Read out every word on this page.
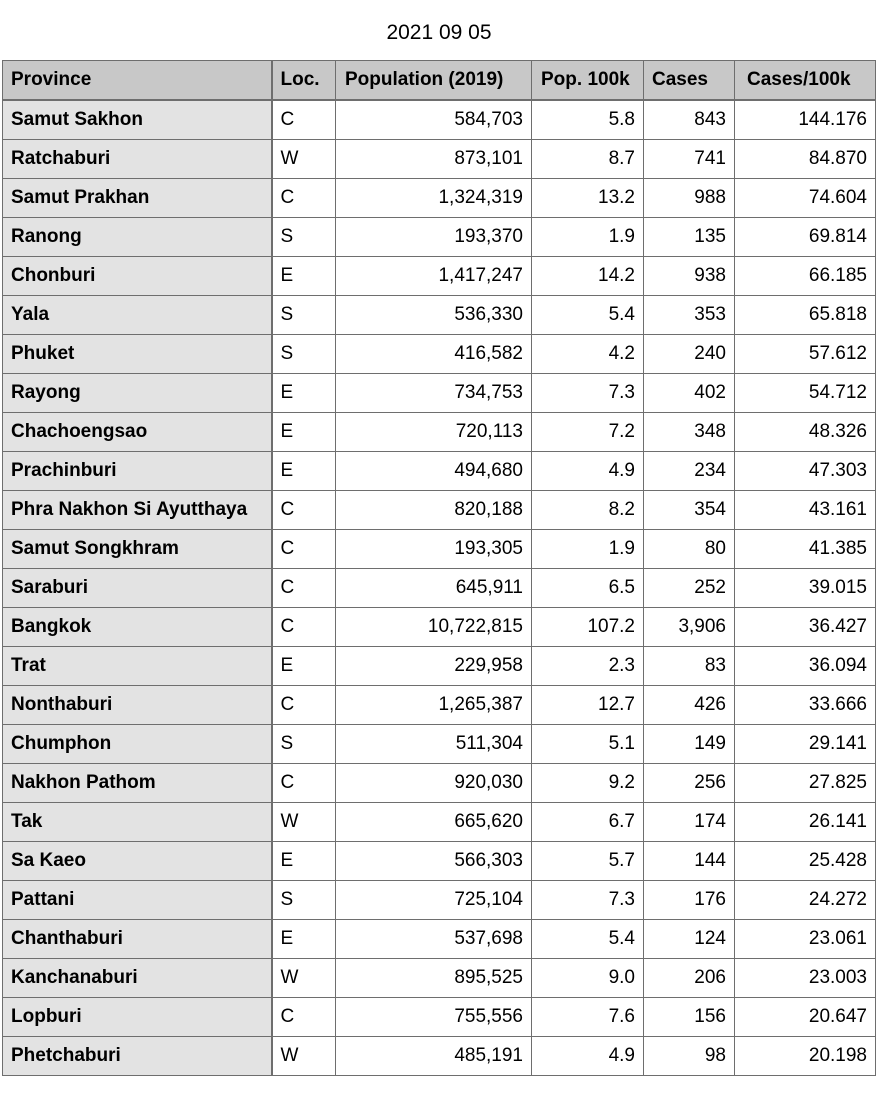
2021 09 05
Province	Loc.	Population (2019)	Pop. 100k	Cases	Cases/100k
Samut Sakhon	C	584,703	5.8	843	144.176
Ratchaburi	W	873,101	8.7	741	84.870
Samut Prakhan	C	1,324,319	13.2	988	74.604
Ranong	S	193,370	1.9	135	69.814
Chonburi	E	1,417,247	14.2	938	66.185
Yala	S	536,330	5.4	353	65.818
Phuket	S	416,582	4.2	240	57.612
Rayong	E	734,753	7.3	402	54.712
Chachoengsao	E	720,113	7.2	348	48.326
Prachinburi	E	494,680	4.9	234	47.303
Phra Nakhon Si Ayutthaya	C	820,188	8.2	354	43.161
Samut Songkhram	C	193,305	1.9	80	41.385
Saraburi	C	645,911	6.5	252	39.015
Bangkok	C	10,722,815	107.2	3,906	36.427
Trat	E	229,958	2.3	83	36.094
Nonthaburi	C	1,265,387	12.7	426	33.666
Chumphon	S	511,304	5.1	149	29.141
Nakhon Pathom	C	920,030	9.2	256	27.825
Tak	W	665,620	6.7	174	26.141
Sa Kaeo	E	566,303	5.7	144	25.428
Pattani	S	725,104	7.3	176	24.272
Chanthaburi	E	537,698	5.4	124	23.061
Kanchanaburi	W	895,525	9.0	206	23.003
Lopburi	C	755,556	7.6	156	20.647
Phetchaburi	W	485,191	4.9	98	20.198
